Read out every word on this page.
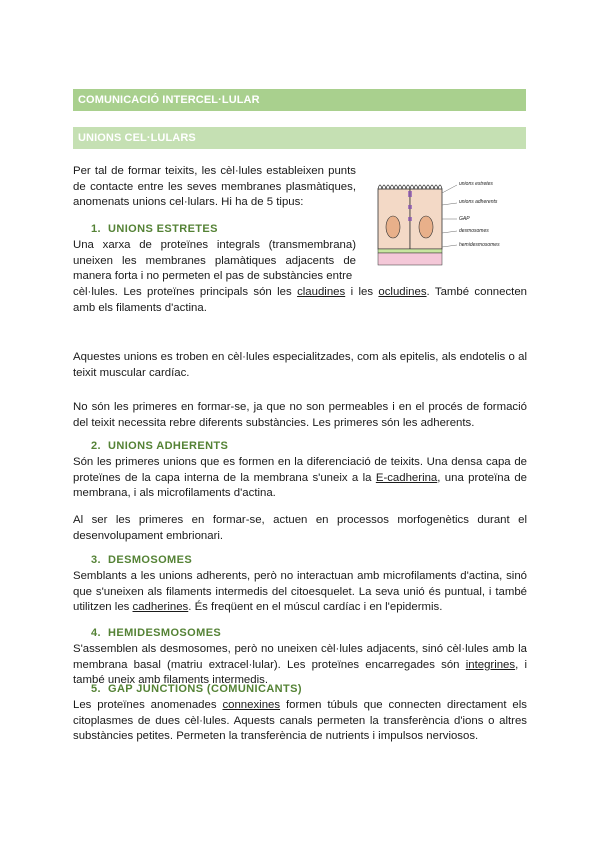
COMUNICACIÓ INTERCEL·LULAR
UNIONS CEL·LULARS

Per tal de formar teixits, les cèl·lules estableixen punts de contacte entre les seves membranes plasmàtiques, anomenats unions cel·lulars. Hi ha de 5 tipus:

unions estretes
unions adherents
GAP
desmosomes
hemidesmosomes

1. UNIONS ESTRETES

Una xarxa de proteïnes integrals (transmembrana) uneixen les membranes plamàtiques adjacents de manera forta i no permeten el pas de substàncies entre

Aquestes unions es troben en cèl·lules especialitzades, com als epitelis, als endotelis o al teixit muscular cardíac.

No són les primeres en formar-se, ja que no son permeables i en el procés de formació del teixit necessita rebre diferents substàncies. Les primeres són les adherents.

2. UNIONS ADHERENTS

Són les primeres unions que es formen en la diferenciació de teixits. Una densa capa de proteïnes de la capa interna de la membrana s'uneix a la E-cadherina, una proteïna de membrana, i als microfilaments d'actina.

Al ser les primeres en formar-se, actuen en processos morfogenètics durant el desenvolupament embrionari.

3. DESMOSOMES

Semblants a les unions adherents, però no interactuan amb microfilaments d'actina, sinó que s'uneixen als filaments intermedis del citoesquelet. La seva unió és puntual, i també utilitzen les cadherines. És freqüent en el múscul cardíac i en l'epidermis.

4. HEMIDESMOSOMES

S'assemblen als desmosomes, però no uneixen cèl·lules adjacents, sinó cèl·lules amb la membrana basal (matriu extracel·lular). Les proteïnes encarregades són integrines, i també uneix amb filaments intermedis.

5. GAP JUNCTIONS (COMUNICANTS)

Les proteïnes anomenades connexines formen túbuls que connecten directament els citoplasmes de dues cèl·lules. Aquests canals permeten la transferència d'ions o altres substàncies petites. Permeten la transferència de nutrients i impulsos nerviosos.

cèl·lules. Les proteïnes principals són les claudines i les ocludines. També connecten amb els filaments d'actina.
